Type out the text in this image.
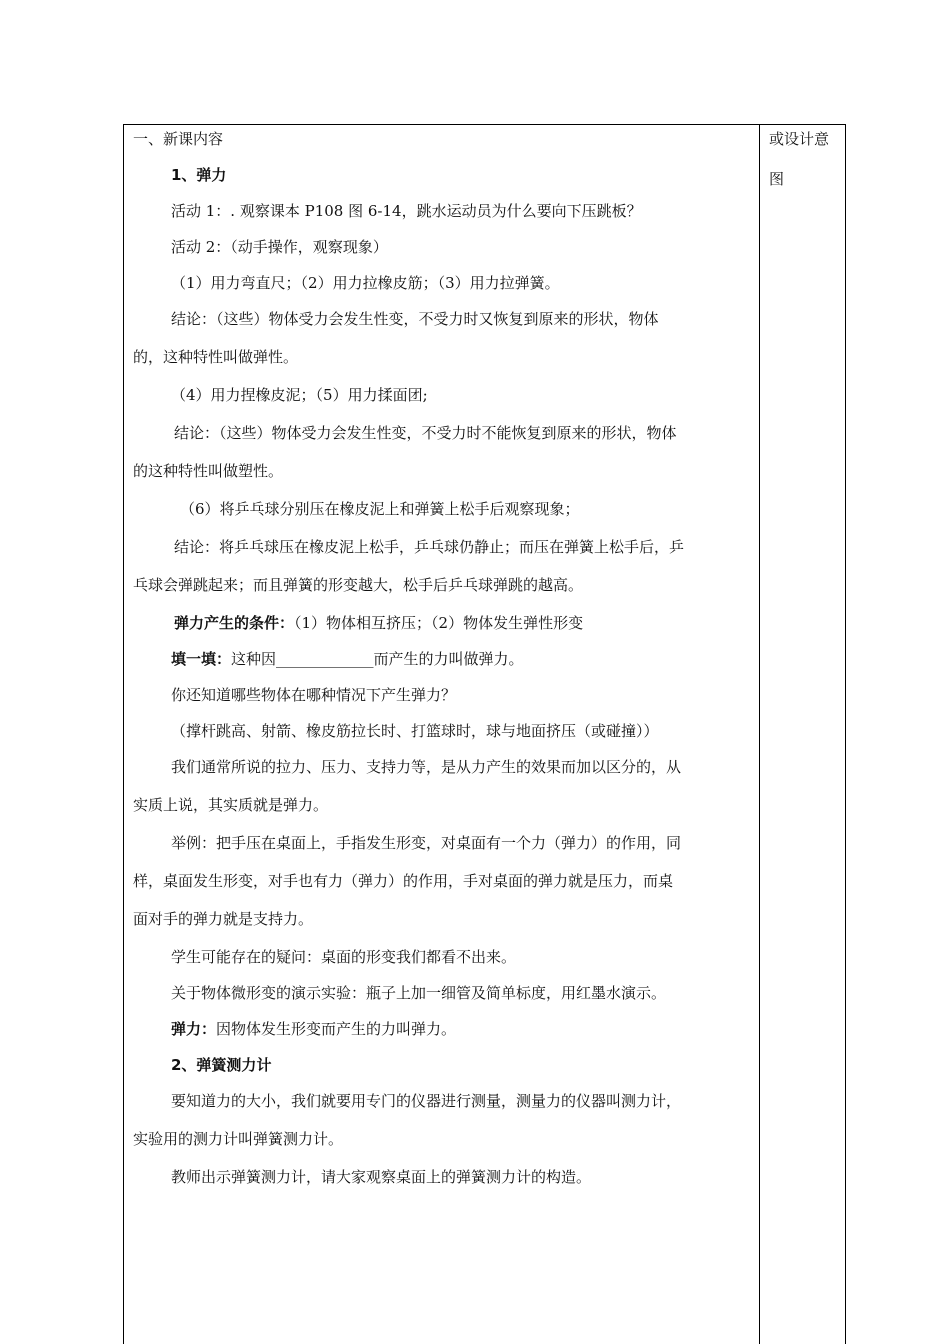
一、新课内容
1、弹力
活动 1：. 观察课本 P108 图 6-14，跳水运动员为什么要向下压跳板？
活动 2：（动手操作，观察现象）
（1）用力弯直尺；（2）用力拉橡皮筋；（3）用力拉弹簧。
结论：（这些）物体受力会发生性变，不受力时又恢复到原来的形状，物体
的，这种特性叫做弹性。
（4）用力捏橡皮泥；（5）用力揉面团;
结论：（这些）物体受力会发生性变，不受力时不能恢复到原来的形状，物体
的这种特性叫做塑性。
（6）将乒乓球分别压在橡皮泥上和弹簧上松手后观察现象；
结论：将乒乓球压在橡皮泥上松手，乒乓球仍静止；而压在弹簧上松手后，乒
乓球会弹跳起来；而且弹簧的形变越大，松手后乒乓球弹跳的越高。
弹力产生的条件：（1）物体相互挤压；（2）物体发生弹性形变
填一填：这种因_____________而产生的力叫做弹力。
你还知道哪些物体在哪种情况下产生弹力？
（撑杆跳高、射箭、橡皮筋拉长时、打篮球时，球与地面挤压（或碰撞））
我们通常所说的拉力、压力、支持力等，是从力产生的效果而加以区分的，从
实质上说，其实质就是弹力。
举例：把手压在桌面上，手指发生形变，对桌面有一个力（弹力）的作用，同
样，桌面发生形变，对手也有力（弹力）的作用，手对桌面的弹力就是压力，而桌
面对手的弹力就是支持力。
学生可能存在的疑问：桌面的形变我们都看不出来。
关于物体微形变的演示实验：瓶子上加一细管及简单标度，用红墨水演示。
弹力：因物体发生形变而产生的力叫弹力。
2、弹簧测力计
要知道力的大小，我们就要用专门的仪器进行测量，测量力的仪器叫测力计，
实验用的测力计叫弹簧测力计。
教师出示弹簧测力计，请大家观察桌面上的弹簧测力计的构造。
或设计意
图
